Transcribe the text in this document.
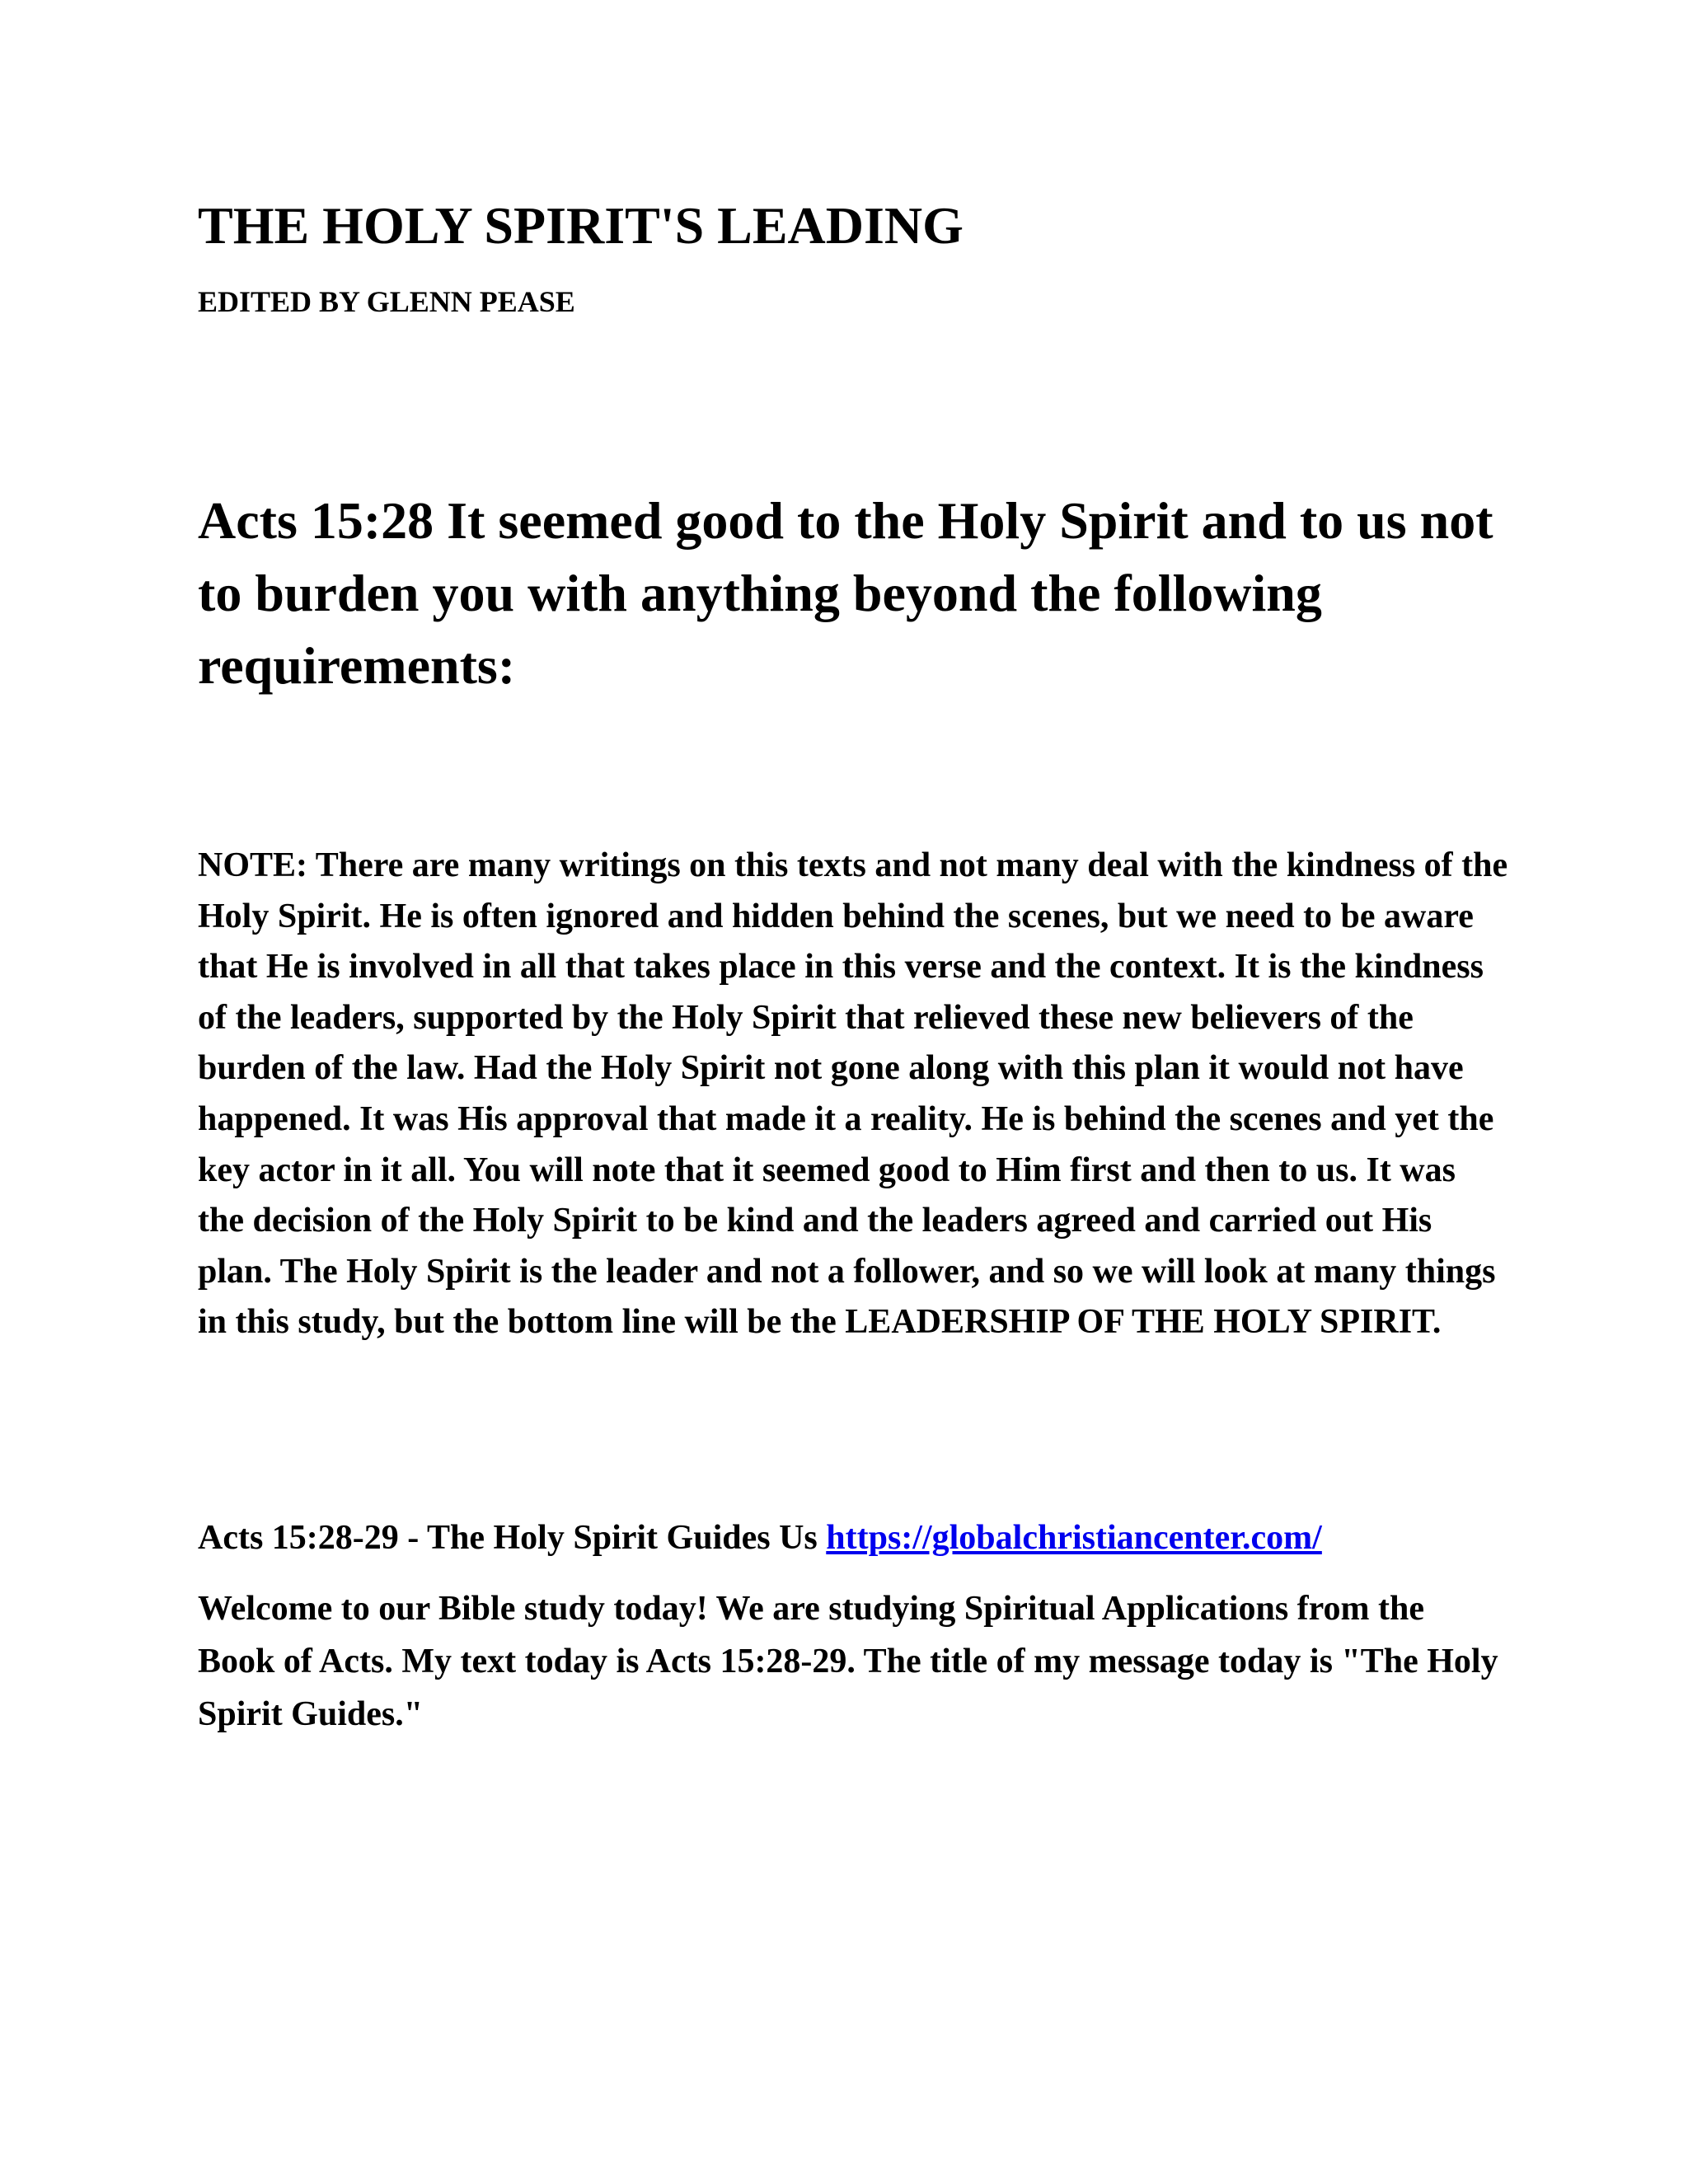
THE HOLY SPIRIT'S LEADING
EDITED BY GLENN PEASE

Acts 15:28 It seemed good to the Holy Spirit and to us not to burden you with anything beyond the following requirements:

NOTE: There are many writings on this texts and not many deal with the kindness of the Holy Spirit. He is often ignored and hidden behind the scenes, but we need to be aware that He is involved in all that takes place in this verse and the context. It is the kindness of the leaders, supported by the Holy Spirit that relieved these new believers of the burden of the law. Had the Holy Spirit not gone along with this plan it would not have happened. It was His approval that made it a reality. He is behind the scenes and yet the key actor in it all. You will note that it seemed good to Him first and then to us. It was the decision of the Holy Spirit to be kind and the leaders agreed and carried out His plan. The Holy Spirit is the leader and not a follower, and so we will look at many things in this study, but the bottom line will be the LEADERSHIP OF THE HOLY SPIRIT.

Acts 15:28-29 - The Holy Spirit Guides Us https://globalchristiancenter.com/

Welcome to our Bible study today! We are studying Spiritual Applications from the Book of Acts. My text today is Acts 15:28-29. The title of my message today is "The Holy Spirit Guides."
